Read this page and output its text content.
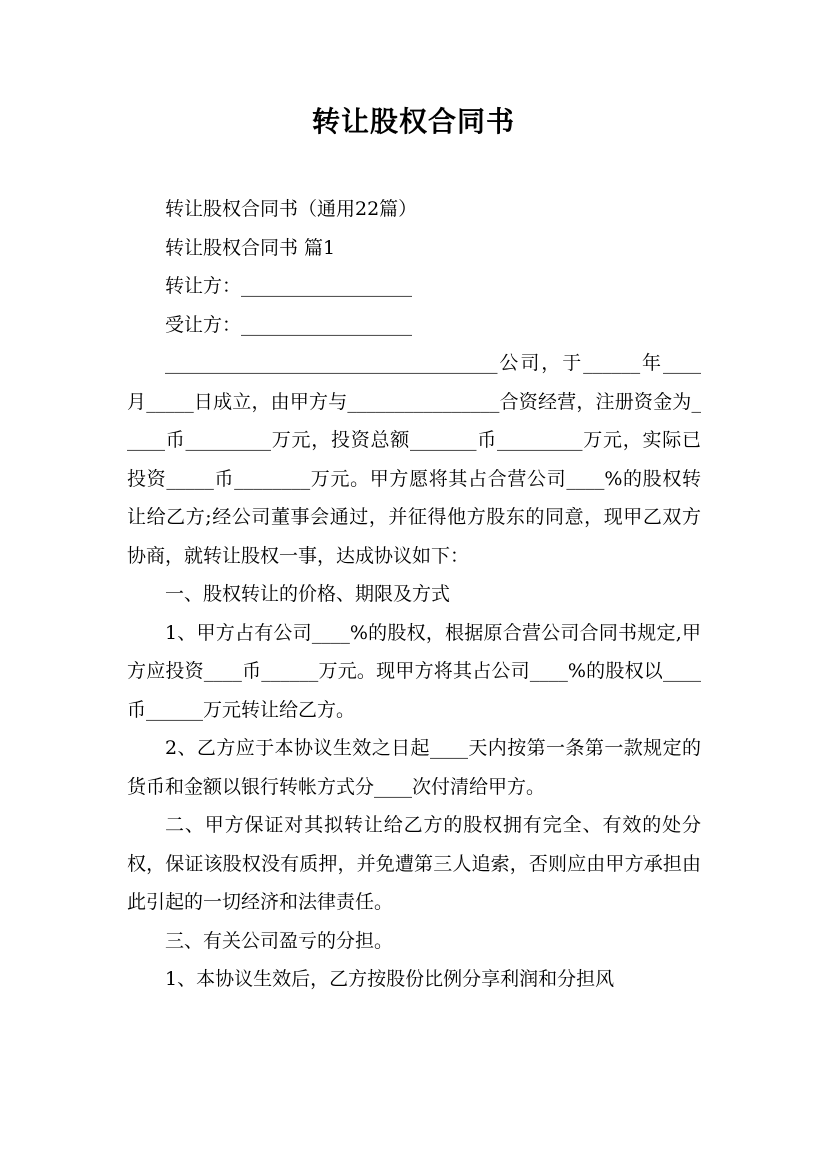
转让股权合同书

转让股权合同书（通用22篇）

转让股权合同书 篇1

转让方：__________________

受让方：__________________

___________________________________公司，于______年____月_____日成立，由甲方与________________合资经营，注册资金为_____币_________万元，投资总额_______币_________万元，实际已投资_____币________万元。甲方愿将其占合营公司____%的股权转让给乙方;经公司董事会通过，并征得他方股东的同意，现甲乙双方协商，就转让股权一事，达成协议如下：

一、股权转让的价格、期限及方式

1、甲方占有公司____%的股权，根据原合营公司合同书规定,甲方应投资____币______万元。现甲方将其占公司____%的股权以____币______万元转让给乙方。

2、乙方应于本协议生效之日起____天内按第一条第一款规定的货币和金额以银行转帐方式分____次付清给甲方。

二、甲方保证对其拟转让给乙方的股权拥有完全、有效的处分权，保证该股权没有质押，并免遭第三人追索，否则应由甲方承担由此引起的一切经济和法律责任。

三、有关公司盈亏的分担。

1、本协议生效后，乙方按股份比例分享利润和分担风
